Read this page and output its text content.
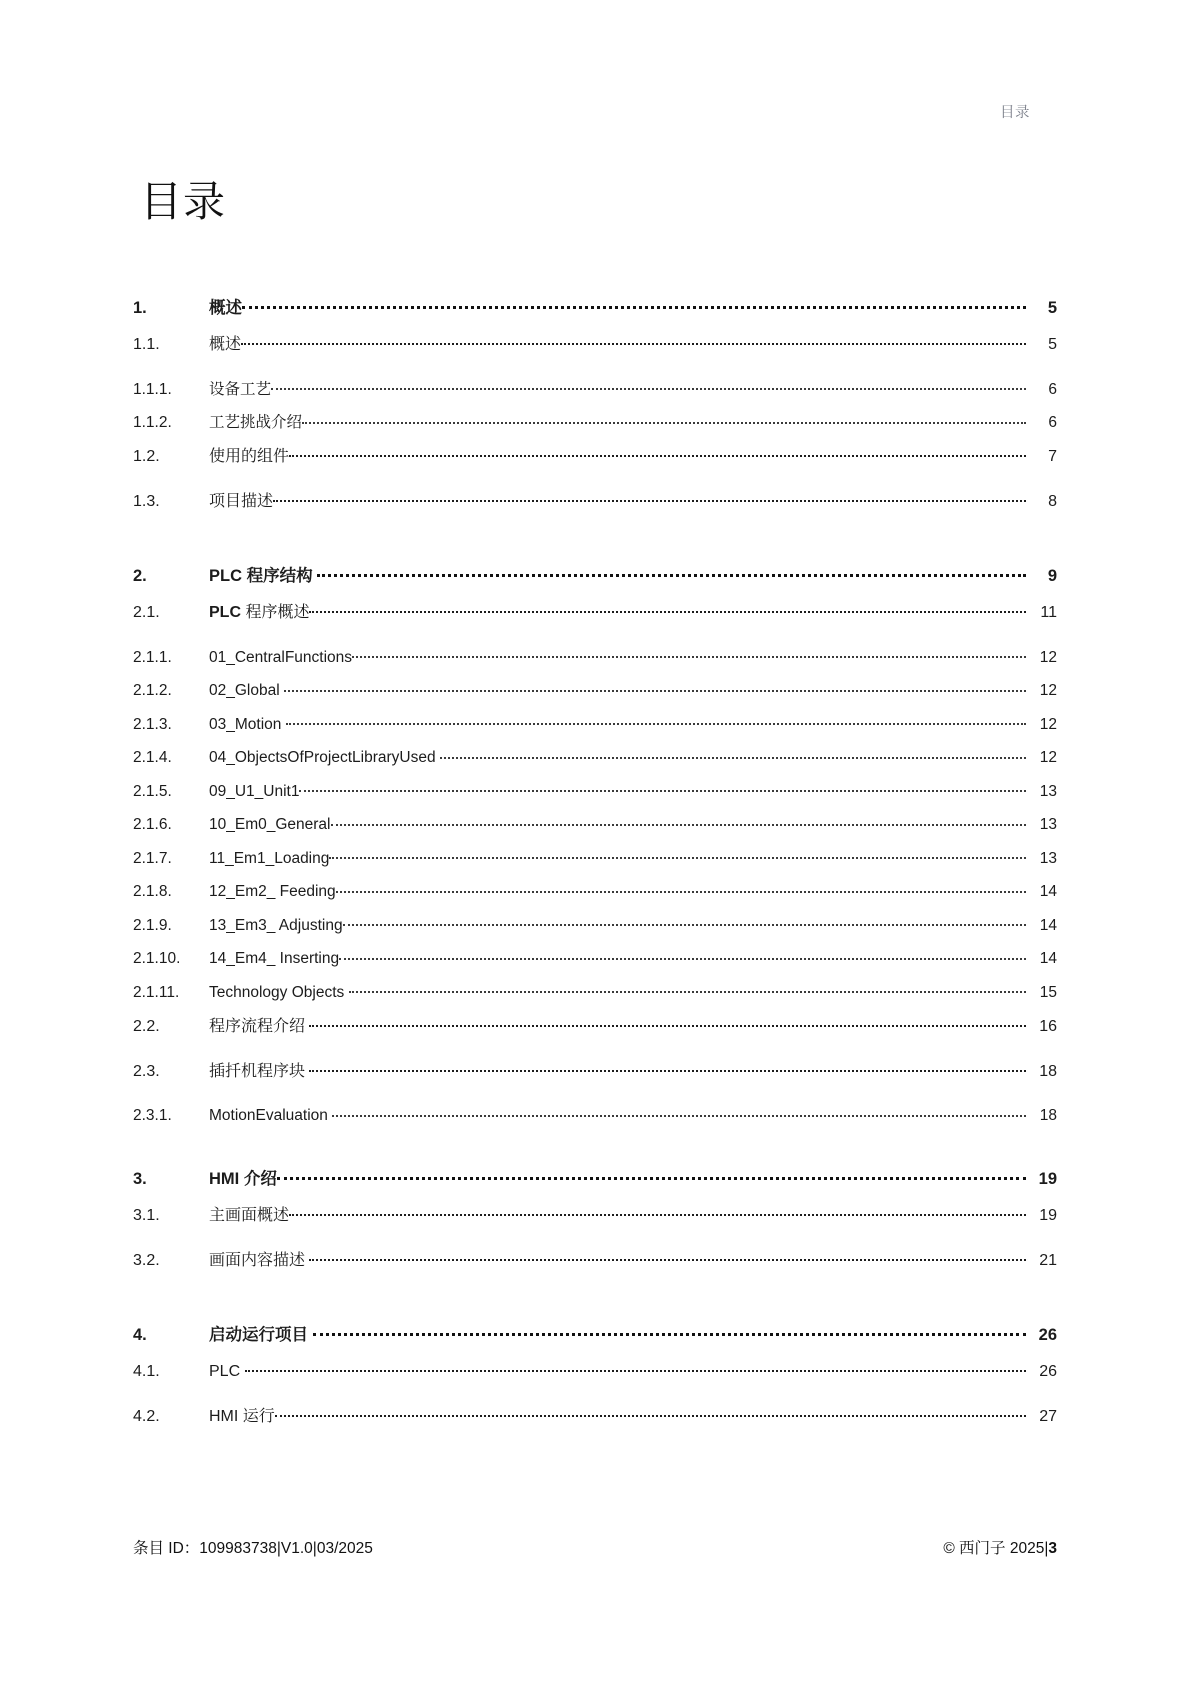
目录
目录
1.	概述	5
1.1.	概述	5
1.1.1.	设备工艺	6
1.1.2.	工艺挑战介绍	6
1.2.	使用的组件	7
1.3.	项目描述	8
2.	PLC 程序结构	9
2.1.	PLC 程序概述	11
2.1.1.	01_CentralFunctions	12
2.1.2.	02_Global	12
2.1.3.	03_Motion	12
2.1.4.	04_ObjectsOfProjectLibraryUsed	12
2.1.5.	09_U1_Unit1	13
2.1.6.	10_Em0_General	13
2.1.7.	11_Em1_Loading	13
2.1.8.	12_Em2_ Feeding	14
2.1.9.	13_Em3_ Adjusting	14
2.1.10.	14_Em4_ Inserting	14
2.1.11.	Technology Objects	15
2.2.	程序流程介绍	16
2.3.	插扦机程序块	18
2.3.1.	MotionEvaluation	18
3.	HMI 介绍	19
3.1.	主画面概述	19
3.2.	画面内容描述	21
4.	启动运行项目	26
4.1.	PLC	26
4.2.	HMI 运行	27
条目 ID：109983738|V1.0|03/2025	© 西门子 2025|3
